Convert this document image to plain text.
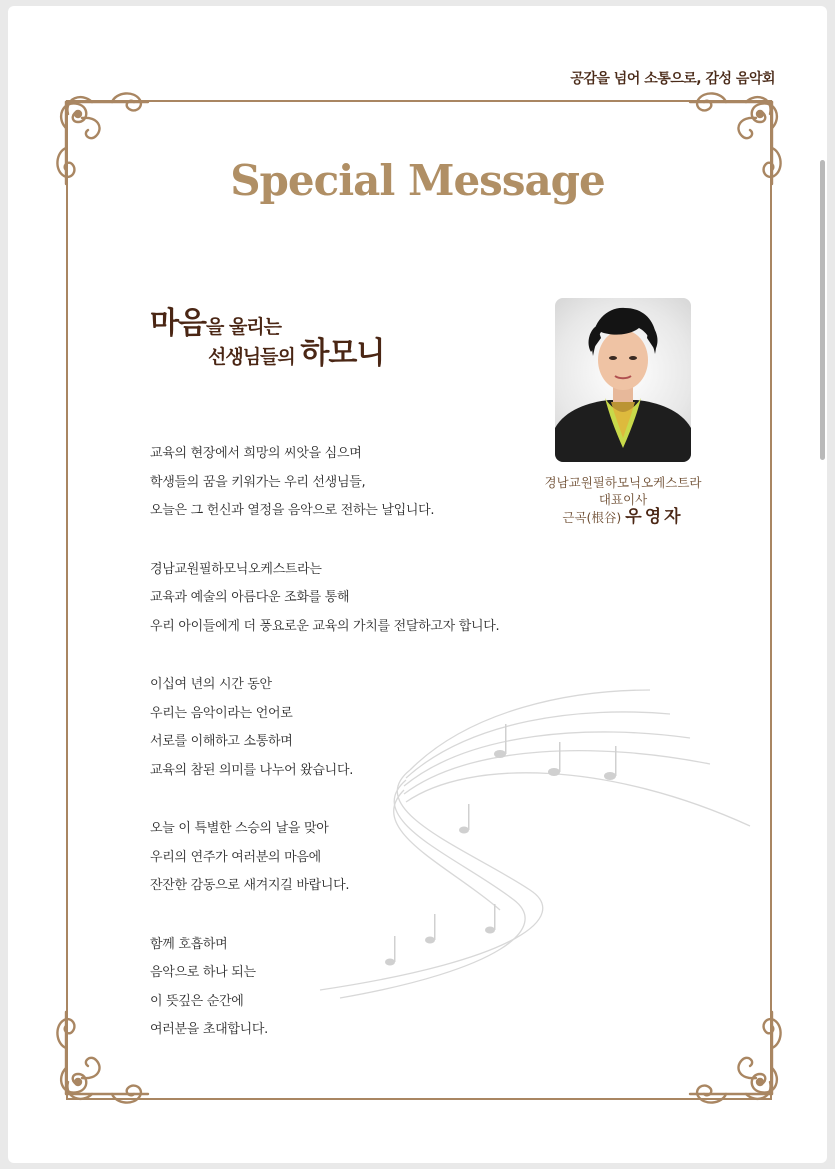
공감을 넘어 소통으로, 감성 음악회
Special Message
마음을 울리는
선생님들의 하모니
경남교원필하모닉오케스트라
대표이사
근곡(根谷) 우영자
교육의 현장에서 희망의 씨앗을 심으며
학생들의 꿈을 키워가는 우리 선생님들,
오늘은 그 헌신과 열정을 음악으로 전하는 날입니다.
경남교원필하모닉오케스트라는
교육과 예술의 아름다운 조화를 통해
우리 아이들에게 더 풍요로운 교육의 가치를 전달하고자 합니다.
이십여 년의 시간 동안
우리는 음악이라는 언어로
서로를 이해하고 소통하며
교육의 참된 의미를 나누어 왔습니다.
오늘 이 특별한 스승의 날을 맞아
우리의 연주가 여러분의 마음에
잔잔한 감동으로 새겨지길 바랍니다.
함께 호흡하며
음악으로 하나 되는
이 뜻깊은 순간에
여러분을 초대합니다.
